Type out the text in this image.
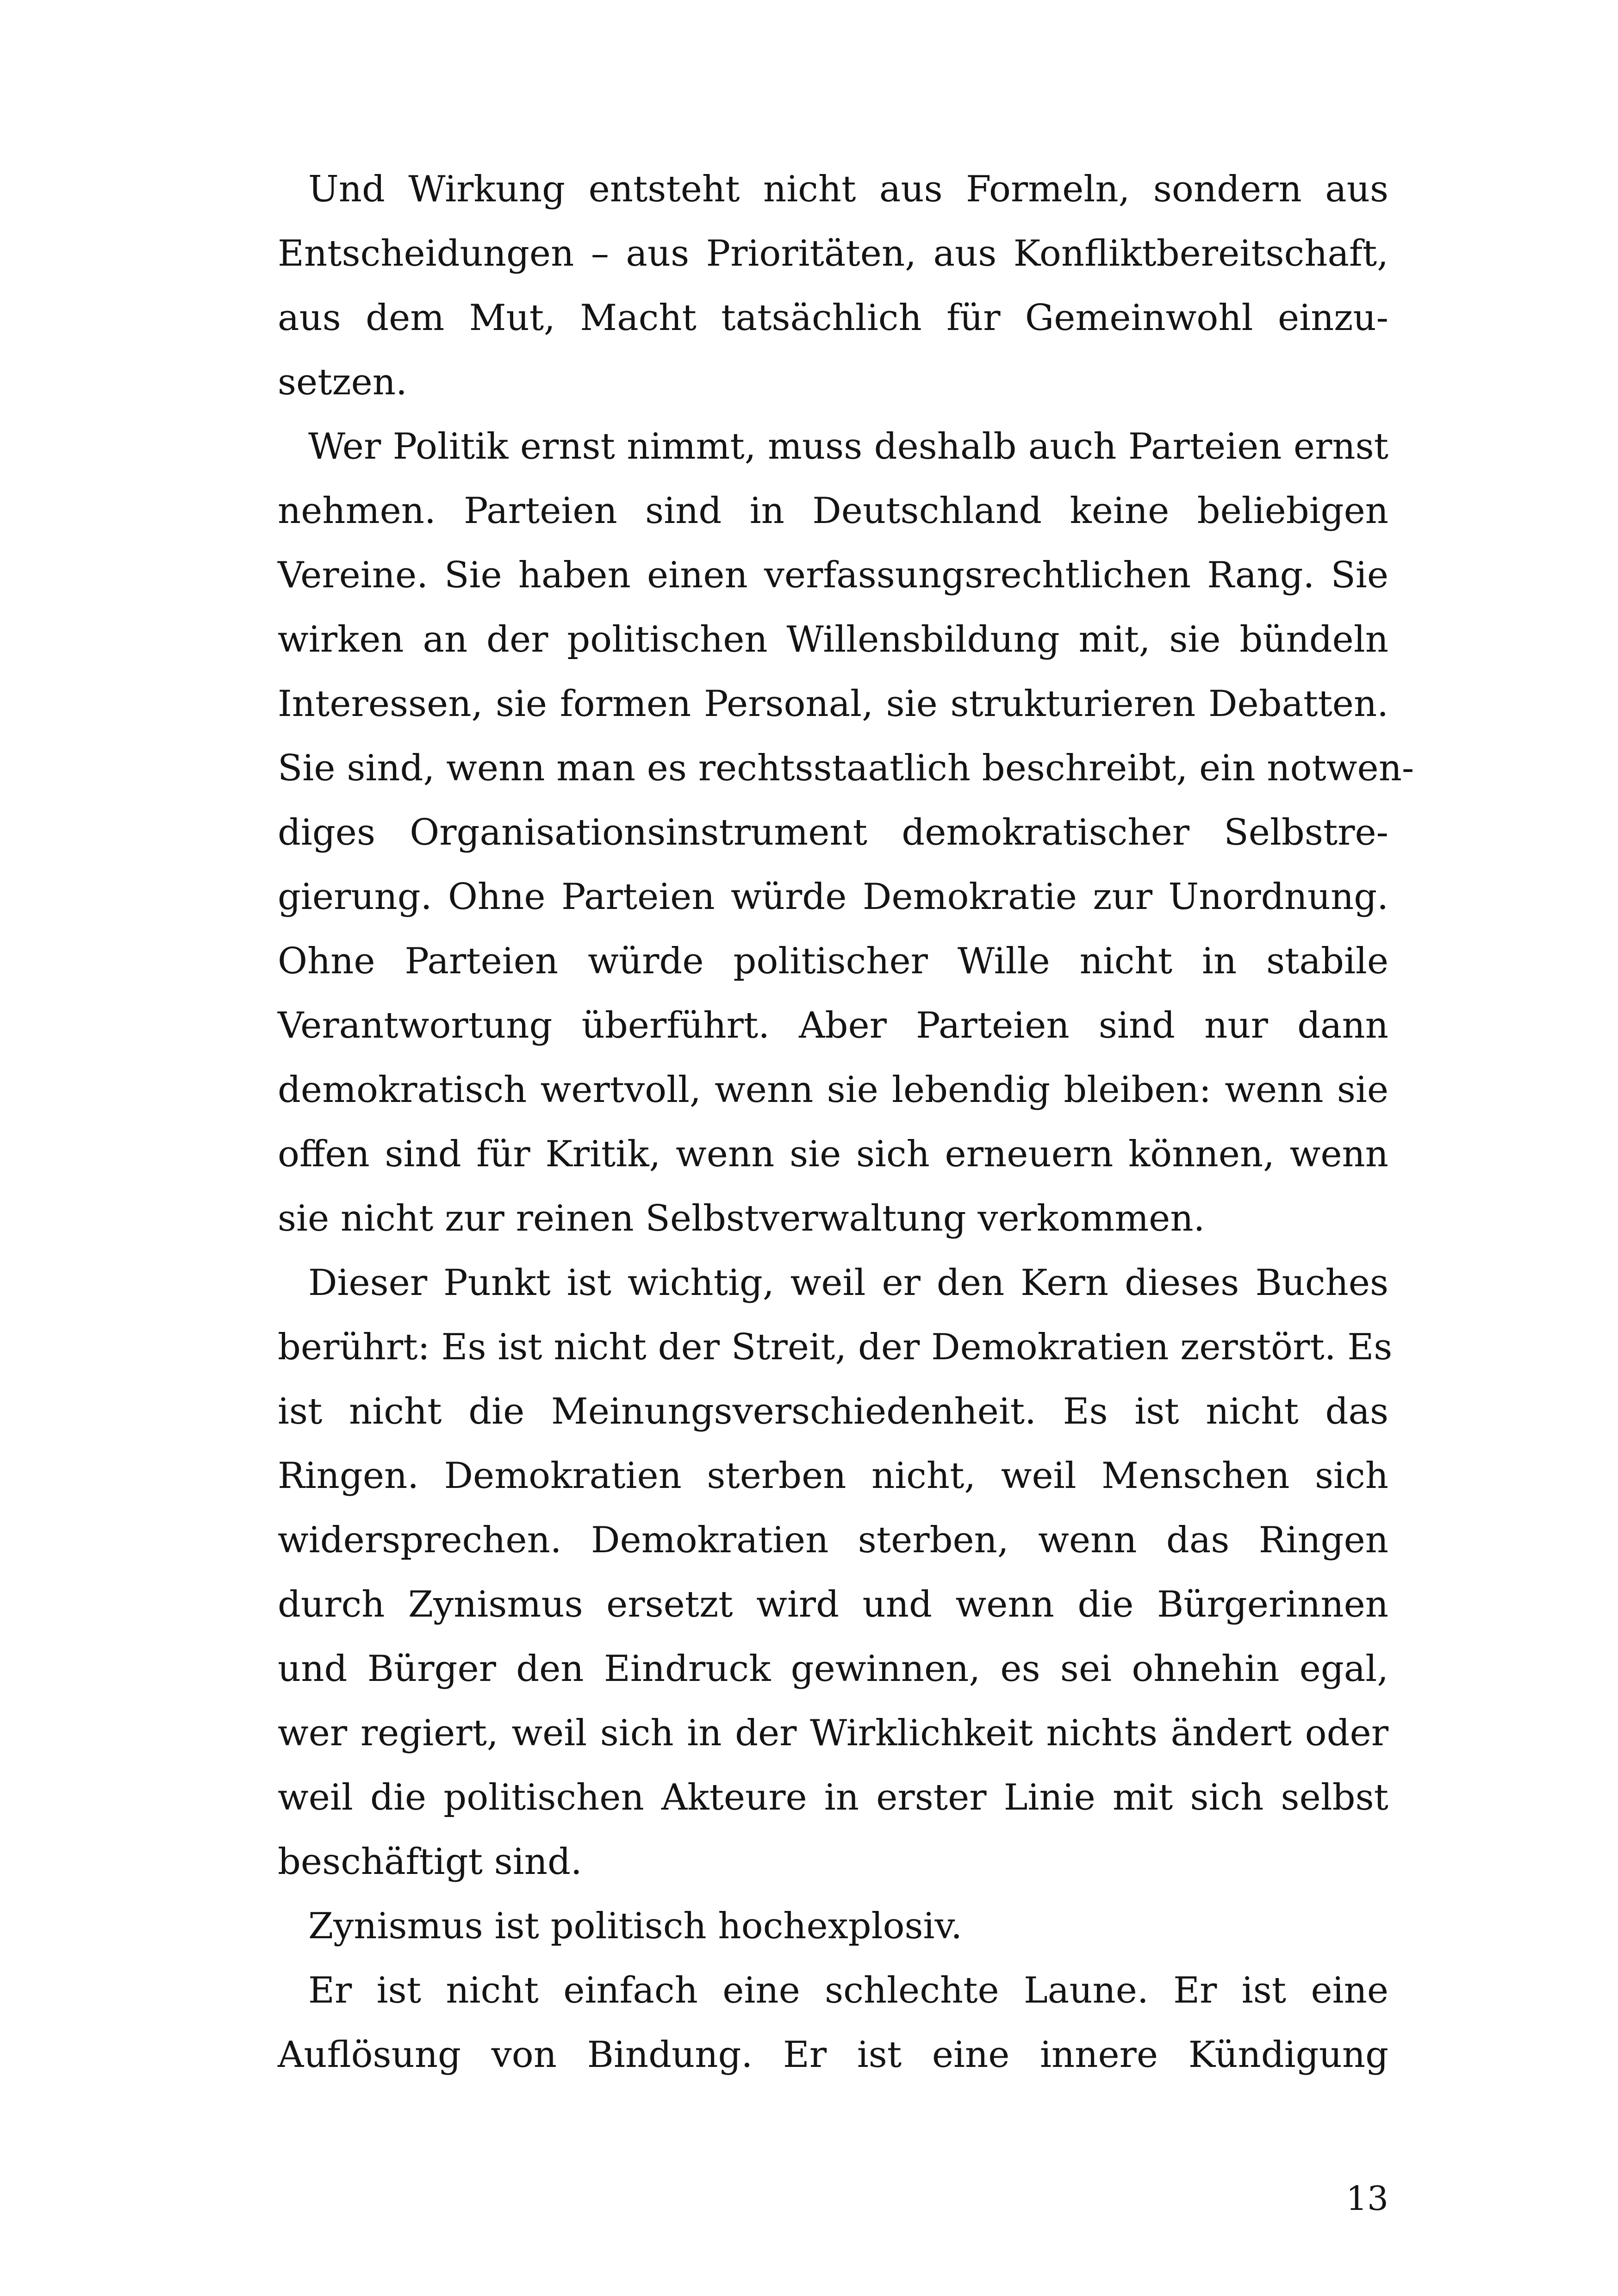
Und Wirkung entsteht nicht aus Formeln, sondern aus
Entscheidungen – aus Prioritäten, aus Konfliktbereitschaft,
aus dem Mut, Macht tatsächlich für Gemeinwohl einzu-
setzen.

Wer Politik ernst nimmt, muss deshalb auch Parteien ernst
nehmen. Parteien sind in Deutschland keine beliebigen
Vereine. Sie haben einen verfassungsrechtlichen Rang. Sie
wirken an der politischen Willensbildung mit, sie bündeln
Interessen, sie formen Personal, sie strukturieren Debatten.
Sie sind, wenn man es rechtsstaatlich beschreibt, ein notwen-
diges Organisationsinstrument demokratischer Selbstre-
gierung. Ohne Parteien würde Demokratie zur Unordnung.
Ohne Parteien würde politischer Wille nicht in stabile
Verantwortung überführt. Aber Parteien sind nur dann
demokratisch wertvoll, wenn sie lebendig bleiben: wenn sie
offen sind für Kritik, wenn sie sich erneuern können, wenn
sie nicht zur reinen Selbstverwaltung verkommen.

Dieser Punkt ist wichtig, weil er den Kern dieses Buches
berührt: Es ist nicht der Streit, der Demokratien zerstört. Es
ist nicht die Meinungsverschiedenheit. Es ist nicht das
Ringen. Demokratien sterben nicht, weil Menschen sich
widersprechen. Demokratien sterben, wenn das Ringen
durch Zynismus ersetzt wird und wenn die Bürgerinnen
und Bürger den Eindruck gewinnen, es sei ohnehin egal,
wer regiert, weil sich in der Wirklichkeit nichts ändert oder
weil die politischen Akteure in erster Linie mit sich selbst
beschäftigt sind.

Zynismus ist politisch hochexplosiv.

Er ist nicht einfach eine schlechte Laune. Er ist eine
Auflösung von Bindung. Er ist eine innere Kündigung

13
